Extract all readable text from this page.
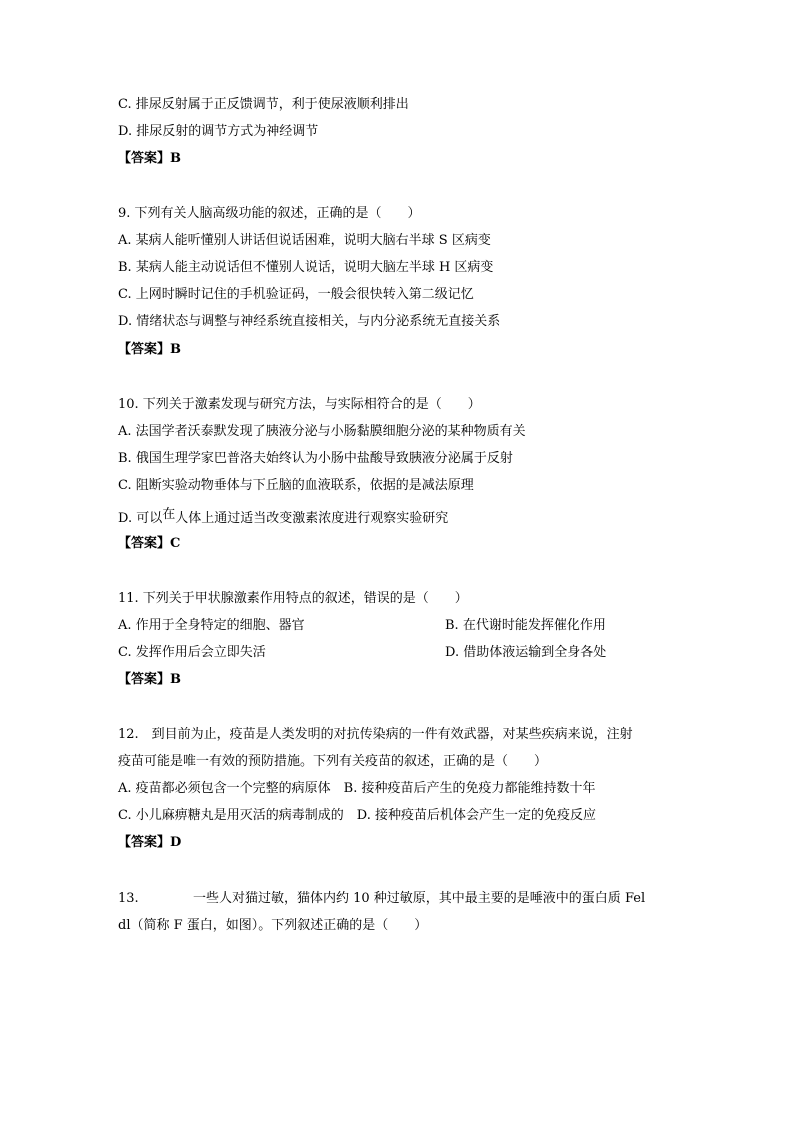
C. 排尿反射属于正反馈调节，利于使尿液顺利排出
D. 排尿反射的调节方式为神经调节
【答案】B
9. 下列有关人脑高级功能的叙述，正确的是（　　）
A. 某病人能听懂别人讲话但说话困难，说明大脑右半球 S 区病变
B. 某病人能主动说话但不懂别人说话，说明大脑左半球 H 区病变
C. 上网时瞬时记住的手机验证码，一般会很快转入第二级记忆
D. 情绪状态与调整与神经系统直接相关，与内分泌系统无直接关系
【答案】B
10. 下列关于激素发现与研究方法，与实际相符合的是（　　）
A. 法国学者沃泰默发现了胰液分泌与小肠黏膜细胞分泌的某种物质有关
B. 俄国生理学家巴普洛夫始终认为小肠中盐酸导致胰液分泌属于反射
C. 阻断实验动物垂体与下丘脑的血液联系，依据的是减法原理
D. 可以在人体上通过适当改变激素浓度进行观察实验研究
【答案】C
11. 下列关于甲状腺激素作用特点的叙述，错误的是（　　）
A. 作用于全身特定的细胞、器官	B. 在代谢时能发挥催化作用
C. 发挥作用后会立即失活	D. 借助体液运输到全身各处
【答案】B
12.　到目前为止，疫苗是人类发明的对抗传染病的一件有效武器，对某些疾病来说，注射
疫苗可能是唯一有效的预防措施。下列有关疫苗的叙述，正确的是（　　）
A. 疫苗都必须包含一个完整的病原体　B. 接种疫苗后产生的免疫力都能维持数十年
C. 小儿麻痹糖丸是用灭活的病毒制成的　D. 接种疫苗后机体会产生一定的免疫反应
【答案】D
13.	一些人对猫过敏，猫体内约 10 种过敏原，其中最主要的是唾液中的蛋白质 Fel
dl（简称 F 蛋白，如图）。下列叙述正确的是（　　）
